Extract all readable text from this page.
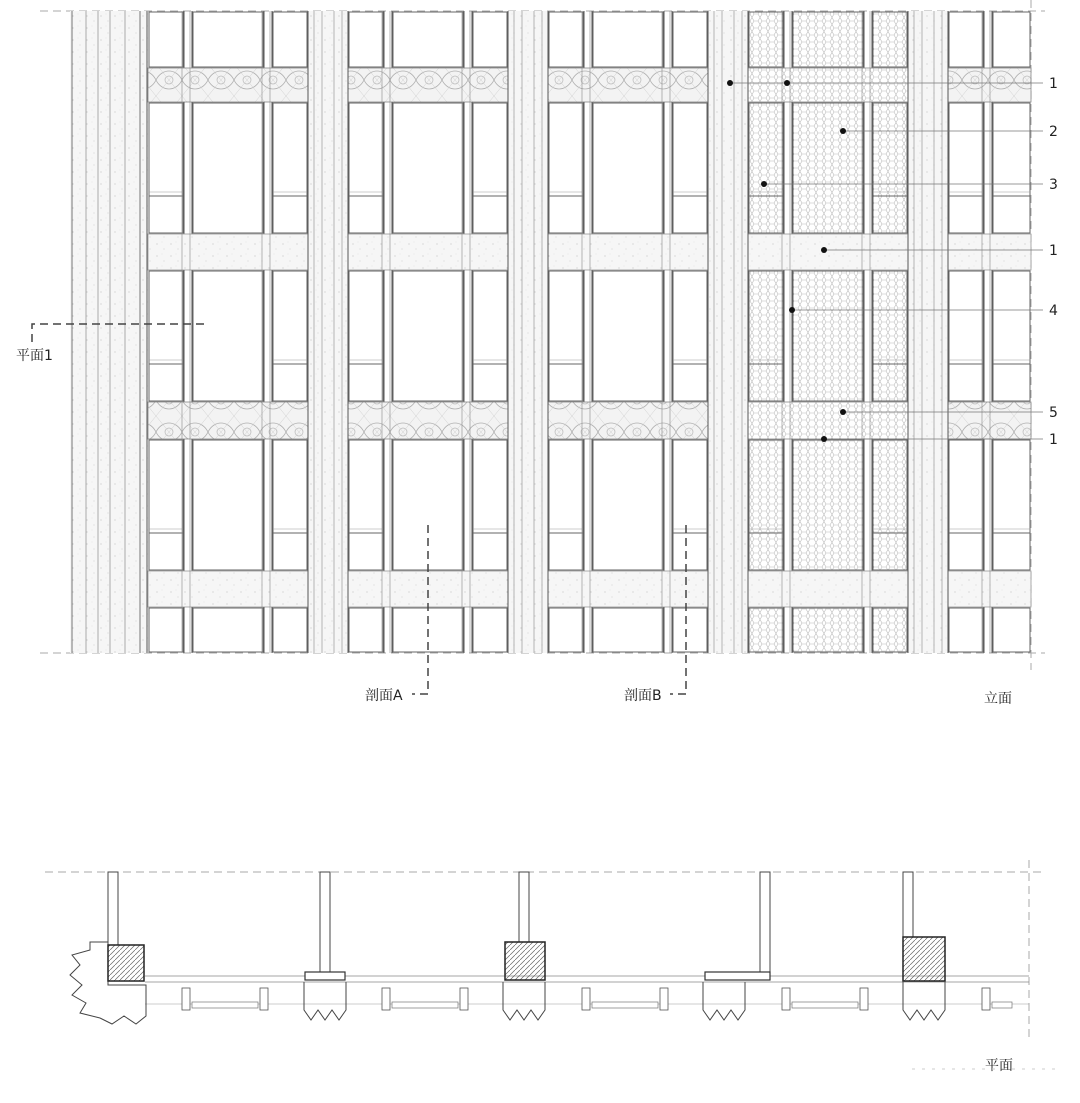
1
2
3
1
4
5
1
平面1
剖面A	剖面B	立面
平面
